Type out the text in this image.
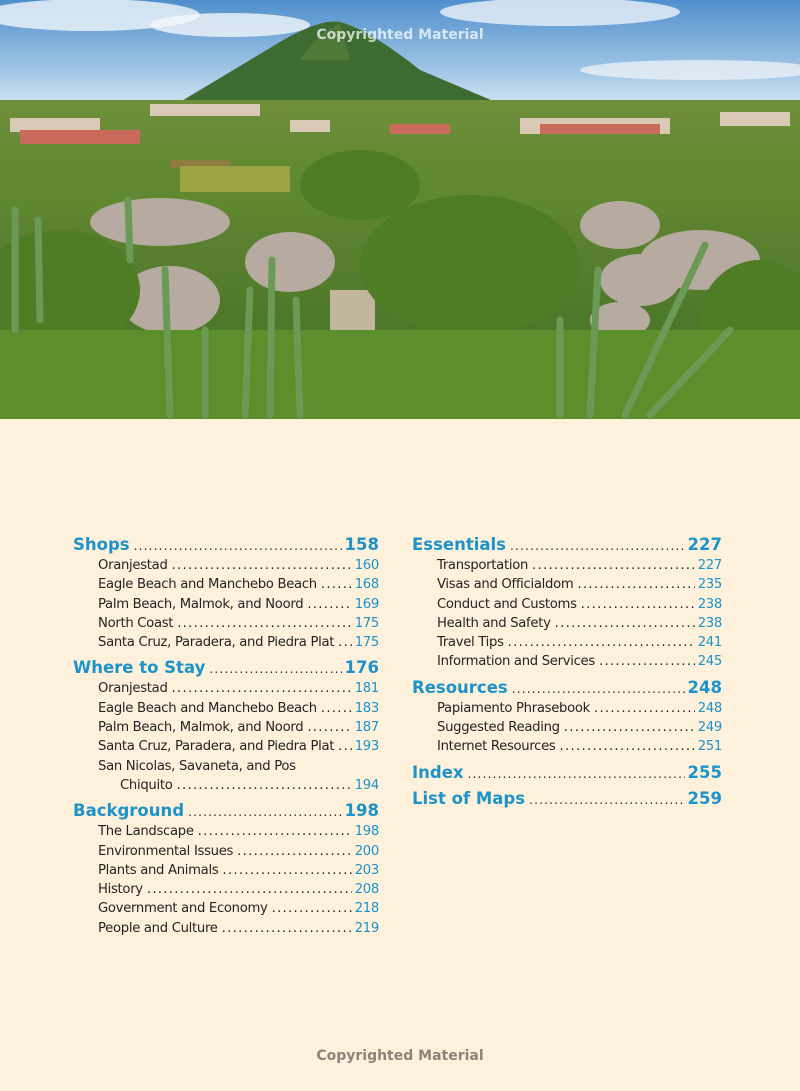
Copyrighted Material
Copyrighted Material
Shops .....	158
Oranjestad .....	160
Eagle Beach and Manchebo Beach .....	168
Palm Beach, Malmok, and Noord .....	169
North Coast .....	175
Santa Cruz, Paradera, and Piedra Plat ..... 175
Where to Stay .....	176
Oranjestad .....	181
Eagle Beach and Manchebo Beach .....	183
Palm Beach, Malmok, and Noord .....	187
Santa Cruz, Paradera, and Piedra Plat ..... 193
San Nicolas, Savaneta, and Pos
Chiquito .....	194
Background .....	198
The Landscape .....	198
Environmental Issues .....	200
Plants and Animals .....	203
History .....	208
Government and Economy .....	218
People and Culture .....	219
Essentials .....	227
Transportation .....	227
Visas and Officialdom .....	235
Conduct and Customs .....	238
Health and Safety .....	238
Travel Tips .....	241
Information and Services .....	245
Resources .....	248
Papiamento Phrasebook .....	248
Suggested Reading .....	249
Internet Resources .....	251
Index .....	255
List of Maps .....	259
